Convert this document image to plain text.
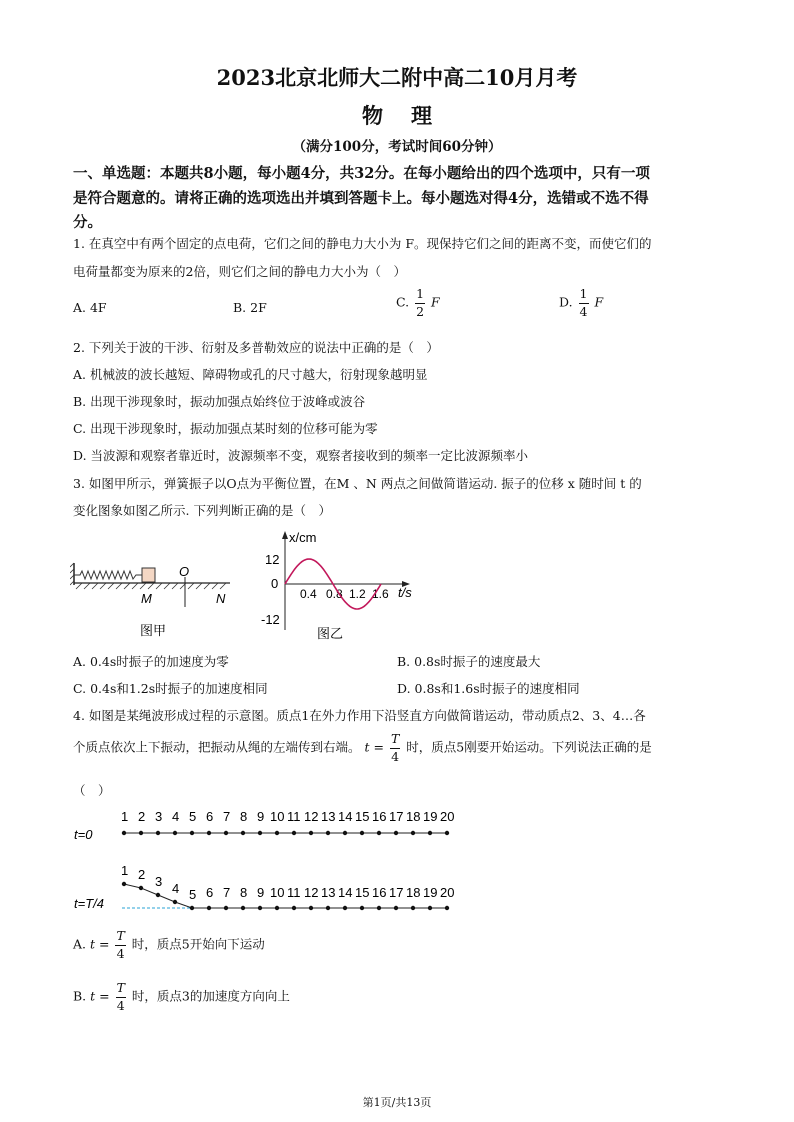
2023北京北师大二附中高二10月月考
物理
（满分100分，考试时间60分钟）
一、单选题：本题共8小题，每小题4分，共32分。在每小题给出的四个选项中，只有一项
是符合题意的。请将正确的选项选出并填到答题卡上。每小题选对得4分，选错或不选不得
分。
1. 在真空中有两个固定的点电荷，它们之间的静电力大小为 F。现保持它们之间的距离不变，而使它们的
电荷量都变为原来的2倍，则它们之间的静电力大小为（　）
A. 4F	B. 2F	C. $\frac{1}{2}$ F	D. $\frac{1}{4}$ F
2. 下列关于波的干涉、衍射及多普勒效应的说法中正确的是（　）
A. 机械波的波长越短、障碍物或孔的尺寸越大，衍射现象越明显
B. 出现干涉现象时，振动加强点始终位于波峰或波谷
C. 出现干涉现象时，振动加强点某时刻的位移可能为零
D. 当波源和观察者靠近时，波源频率不变，观察者接收到的频率一定比波源频率小
3. 如图甲所示，弹簧振子以O点为平衡位置，在M 、N 两点之间做简谐运动. 振子的位移 x 随时间 t 的
变化图象如图乙所示. 下列判断正确的是（　）
O
M	N
图甲
x/cm
t/s
12
0
-12
0.4 0.8 1.2 1.6
图乙
A. 0.4s时振子的加速度为零	B. 0.8s时振子的速度最大
C. 0.4s和1.2s时振子的加速度相同	D. 0.8s和1.6s时振子的速度相同
4. 如图是某绳波形成过程的示意图。质点1在外力作用下沿竖直方向做简谐运动，带动质点2、3、4…各
个质点依次上下振动，把振动从绳的左端传到右端。 $t = \frac{T}{4}$ 时，质点5刚要开始运动。下列说法正确的是
（　）
1 2 3 4 5 6 7 8 9 10 11 12 13 14 15 16 17 18 19 20
t=0
1 2 3 4 5 6 7 8 9 10 11 12 13 14 15 16 17 18 19 20
t=T/4
A. $t = \frac{T}{4}$ 时，质点5开始向下运动
B. $t = \frac{T}{4}$ 时，质点3的加速度方向向上
第1页/共13页
